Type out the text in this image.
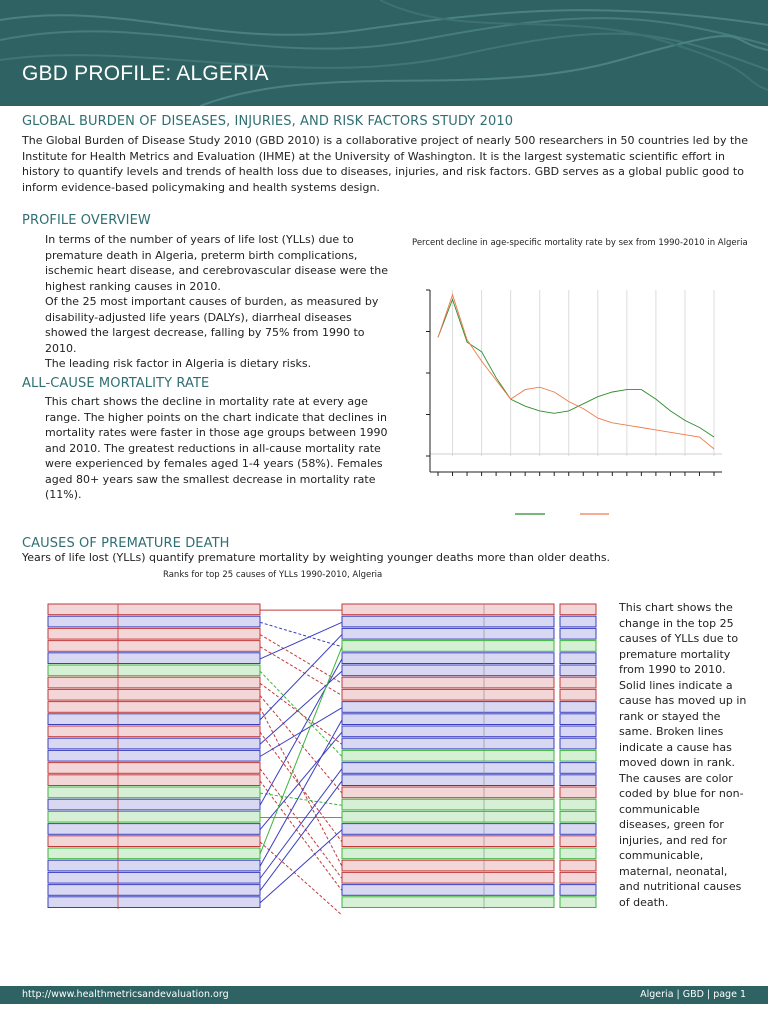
GBD PROFILE: ALGERIA
GLOBAL BURDEN OF DISEASES, INJURIES, AND RISK FACTORS STUDY 2010
The Global Burden of Disease Study 2010 (GBD 2010) is a collaborative project of nearly 500 researchers in 50 countries led by the Institute for Health Metrics and Evaluation (IHME) at the University of Washington. It is the largest systematic scientific effort in history to quantify levels and trends of health loss due to diseases, injuries, and risk factors. GBD serves as a global public good to inform evidence-based policymaking and health systems design.
PROFILE OVERVIEW

In terms of the number of years of life lost (YLLs) due to premature death in Algeria, preterm birth complications, ischemic heart disease, and cerebrovascular disease were the highest ranking causes in 2010.

Of the 25 most important causes of burden, as measured by disability-adjusted life years (DALYs), diarrheal diseases showed the largest decrease, falling by 75% from 1990 to 2010.

The leading risk factor in Algeria is dietary risks.

ALL-CAUSE MORTALITY RATE
This chart shows the decline in mortality rate at every age range. The higher points on the chart indicate that declines in mortality rates were faster in those age groups between 1990 and 2010. The greatest reductions in all-cause mortality rate were experienced by females aged 1-4 years (58%). Females aged 80+ years saw the smallest decrease in mortality rate (11%).
Percent decline in age-specific mortality rate by sex from 1990-2010 in Algeria
CAUSES OF PREMATURE DEATH
Years of life lost (YLLs) quantify premature mortality by weighting younger deaths more than older deaths.
Ranks for top 25 causes of YLLs 1990-2010, Algeria
This chart shows the change in the top 25 causes of YLLs due to premature mortality from 1990 to 2010. Solid lines indicate a cause has moved up in rank or stayed the same. Broken lines indicate a cause has moved down in rank. The causes are color coded by blue for non-communicable diseases, green for injuries, and red for communicable, maternal, neonatal, and nutritional causes of death.
http://www.healthmetricsandevaluation.org	Algeria | GBD | page 1
